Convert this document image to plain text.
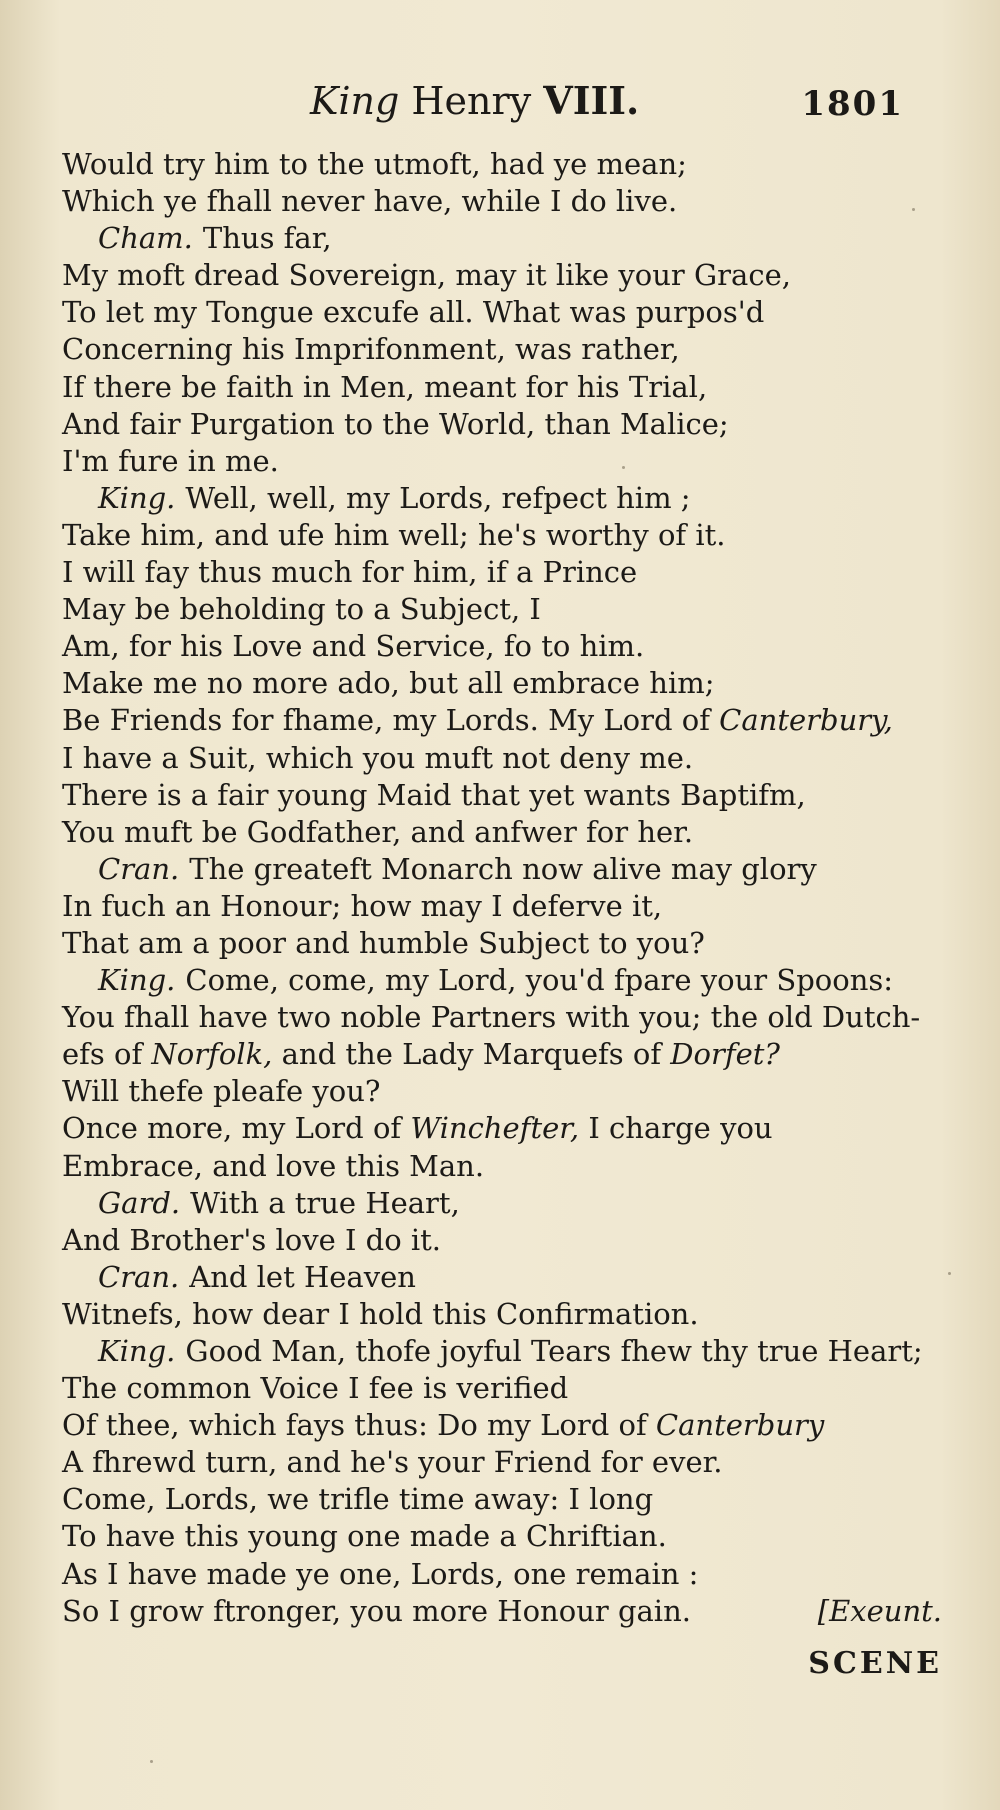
King Henry VIII.	1801
Would try him to the utmoft, had ye mean;
Which ye fhall never have, while I do live.
Cham. Thus far,
My moft dread Sovereign, may it like your Grace,
To let my Tongue excufe all. What was purpos'd
Concerning his Imprifonment, was rather,
If there be faith in Men, meant for his Trial,
And fair Purgation to the World, than Malice;
I'm fure in me.
King. Well, well, my Lords, refpect him ;
Take him, and ufe him well; he's worthy of it.
I will fay thus much for him, if a Prince
May be beholding to a Subject, I
Am, for his Love and Service, fo to him.
Make me no more ado, but all embrace him;
Be Friends for fhame, my Lords. My Lord of Canterbury,
I have a Suit, which you muft not deny me.
There is a fair young Maid that yet wants Baptifm,
You muft be Godfather, and anfwer for her.
Cran. The greateft Monarch now alive may glory
In fuch an Honour; how may I deferve it,
That am a poor and humble Subject to you?
King. Come, come, my Lord, you'd fpare your Spoons:
You fhall have two noble Partners with you; the old Dutch-
efs of Norfolk, and the Lady Marquefs of Dorfet?
Will thefe pleafe you?
Once more, my Lord of Winchefter, I charge you
Embrace, and love this Man.
Gard. With a true Heart,
And Brother's love I do it.
Cran. And let Heaven
Witnefs, how dear I hold this Confirmation.
King. Good Man, thofe joyful Tears fhew thy true Heart;
The common Voice I fee is verified
Of thee, which fays thus: Do my Lord of Canterbury
A fhrewd turn, and he's your Friend for ever.
Come, Lords, we trifle time away: I long
To have this young one made a Chriftian.
As I have made ye one, Lords, one remain :
So I grow ftronger, you more Honour gain.	[Exeunt.
SCENE
